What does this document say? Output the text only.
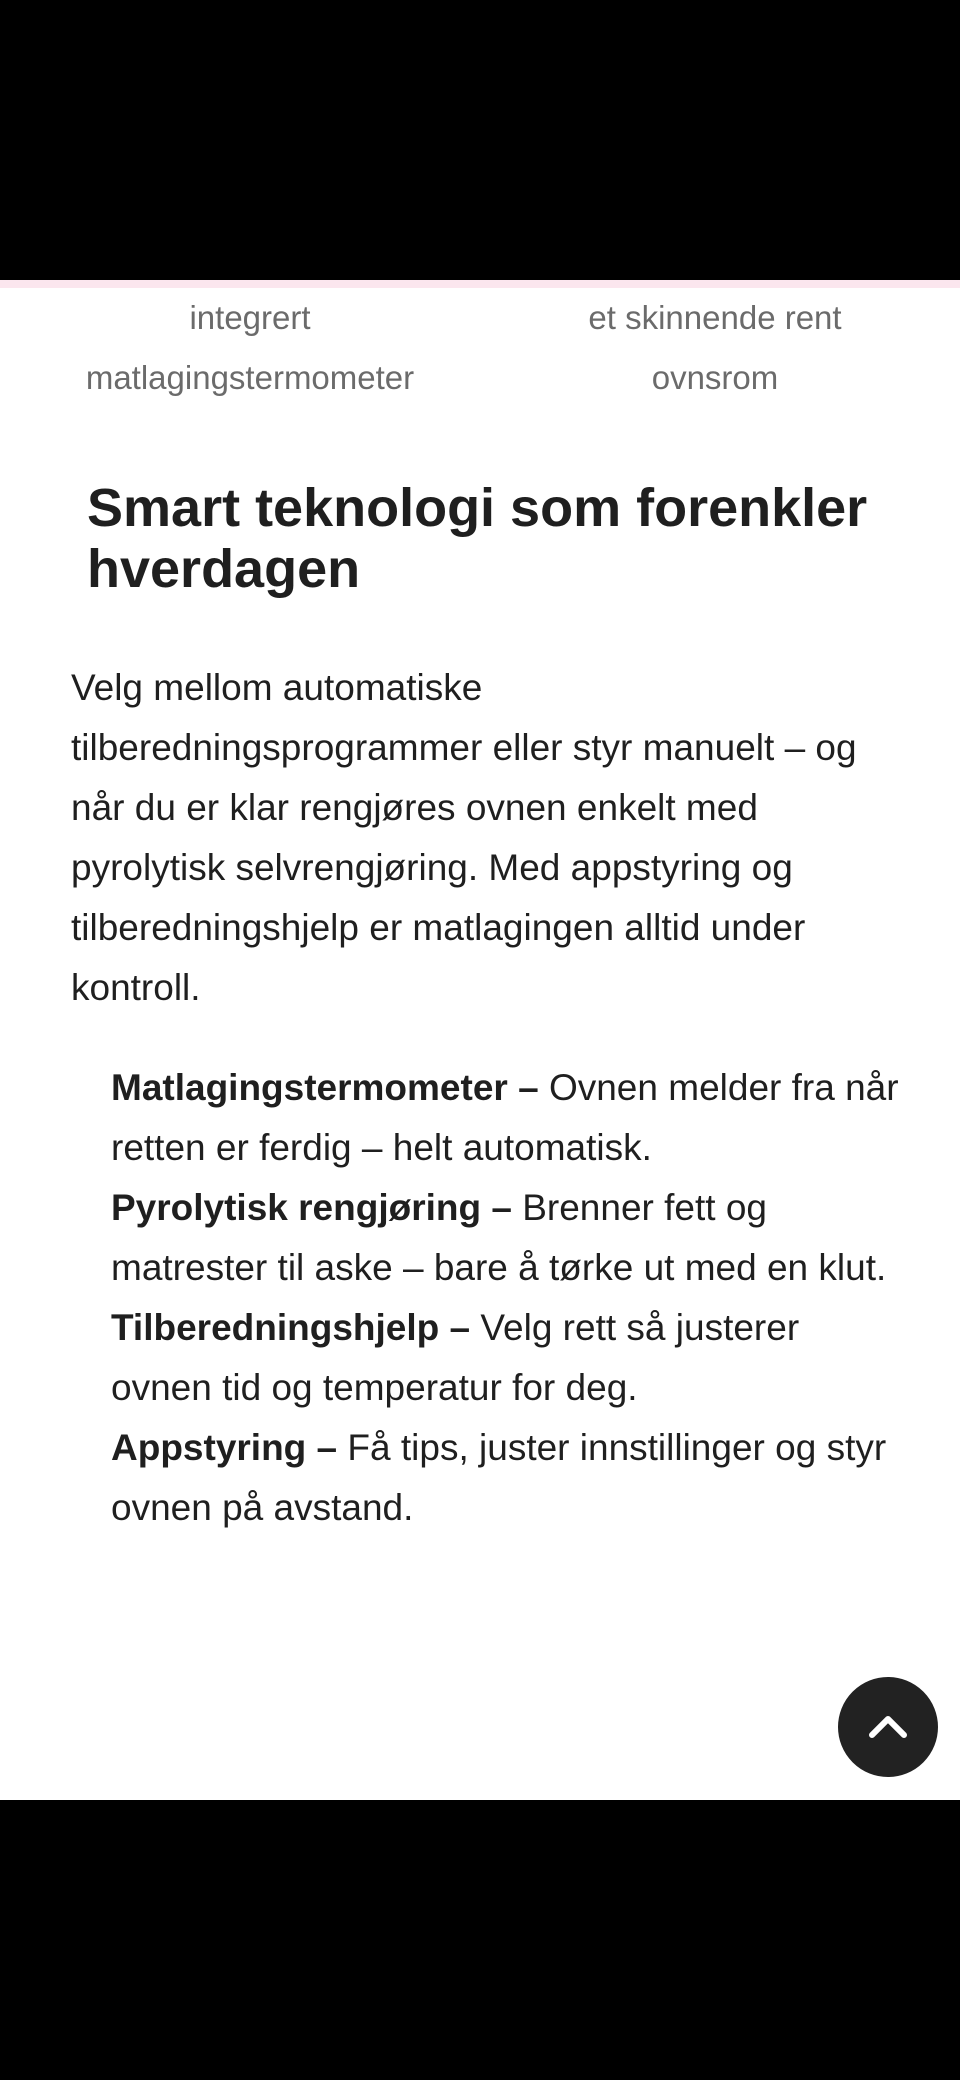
integrert
matlagingstermometer
et skinnende rent
ovnsrom
Smart teknologi som forenkler hverdagen

Velg mellom automatiske tilberedningsprogrammer eller styr manuelt – og når du er klar rengjøres ovnen enkelt med pyrolytisk selvrengjøring. Med appstyring og tilberedningshjelp er matlagingen alltid under kontroll.

Matlagingstermometer – Ovnen melder fra når retten er ferdig – helt automatisk.
Pyrolytisk rengjøring – Brenner fett og matrester til aske – bare å tørke ut med en klut.
Tilberedningshjelp – Velg rett så justerer ovnen tid og temperatur for deg.
Appstyring – Få tips, juster innstillinger og styr ovnen på avstand.
